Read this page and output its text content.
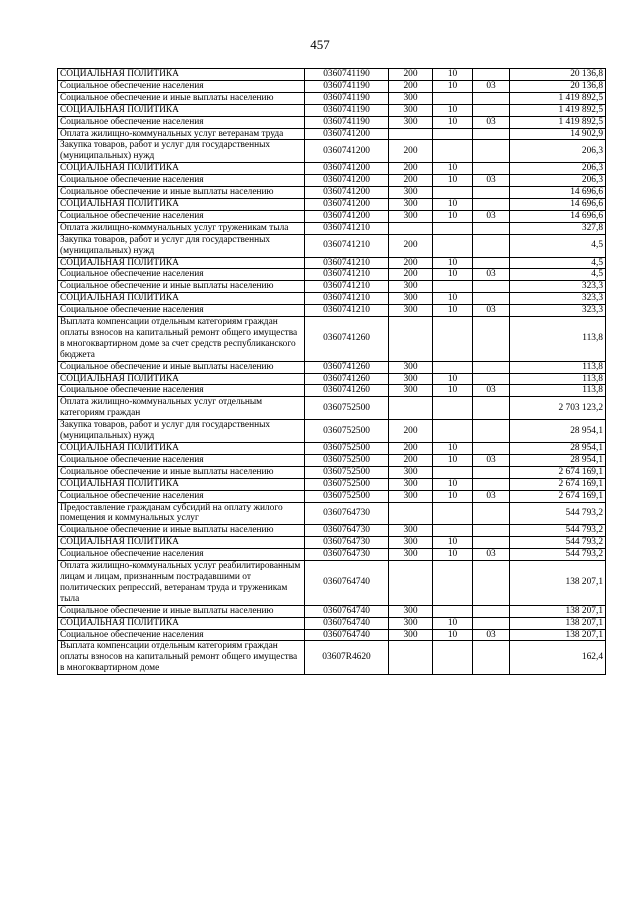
457
СОЦИАЛЬНАЯ ПОЛИТИКА	0360741190	200	10		20 136,8
Социальное обеспечение населения	0360741190	200	10	03	20 136,8
Социальное обеспечение и иные выплаты населению	0360741190	300			1 419 892,5
СОЦИАЛЬНАЯ ПОЛИТИКА	0360741190	300	10		1 419 892,5
Социальное обеспечение населения	0360741190	300	10	03	1 419 892,5
Оплата жилищно-коммунальных услуг ветеранам труда	0360741200				14 902,9
Закупка товаров, работ и услуг для государственных (муниципальных) нужд	0360741200	200			206,3
СОЦИАЛЬНАЯ ПОЛИТИКА	0360741200	200	10		206,3
Социальное обеспечение населения	0360741200	200	10	03	206,3
Социальное обеспечение и иные выплаты населению	0360741200	300			14 696,6
СОЦИАЛЬНАЯ ПОЛИТИКА	0360741200	300	10		14 696,6
Социальное обеспечение населения	0360741200	300	10	03	14 696,6
Оплата жилищно-коммунальных услуг труженикам тыла	0360741210				327,8
Закупка товаров, работ и услуг для государственных (муниципальных) нужд	0360741210	200			4,5
СОЦИАЛЬНАЯ ПОЛИТИКА	0360741210	200	10		4,5
Социальное обеспечение населения	0360741210	200	10	03	4,5
Социальное обеспечение и иные выплаты населению	0360741210	300			323,3
СОЦИАЛЬНАЯ ПОЛИТИКА	0360741210	300	10		323,3
Социальное обеспечение населения	0360741210	300	10	03	323,3
Выплата компенсации отдельным категориям граждан оплаты взносов на капитальный ремонт общего имущества в многоквартирном доме за счет средств республиканского бюджета	0360741260				113,8
Социальное обеспечение и иные выплаты населению	0360741260	300			113,8
СОЦИАЛЬНАЯ ПОЛИТИКА	0360741260	300	10		113,8
Социальное обеспечение населения	0360741260	300	10	03	113,8
Оплата жилищно-коммунальных услуг отдельным категориям граждан	0360752500				2 703 123,2
Закупка товаров, работ и услуг для государственных (муниципальных) нужд	0360752500	200			28 954,1
СОЦИАЛЬНАЯ ПОЛИТИКА	0360752500	200	10		28 954,1
Социальное обеспечение населения	0360752500	200	10	03	28 954,1
Социальное обеспечение и иные выплаты населению	0360752500	300			2 674 169,1
СОЦИАЛЬНАЯ ПОЛИТИКА	0360752500	300	10		2 674 169,1
Социальное обеспечение населения	0360752500	300	10	03	2 674 169,1
Предоставление гражданам субсидий на оплату жилого помещения и коммунальных услуг	0360764730				544 793,2
Социальное обеспечение и иные выплаты населению	0360764730	300			544 793,2
СОЦИАЛЬНАЯ ПОЛИТИКА	0360764730	300	10		544 793,2
Социальное обеспечение населения	0360764730	300	10	03	544 793,2
Оплата жилищно-коммунальных услуг реабилитированным лицам и лицам, признанным пострадавшими от политических репрессий, ветеранам труда и труженикам тыла	0360764740				138 207,1
Социальное обеспечение и иные выплаты населению	0360764740	300			138 207,1
СОЦИАЛЬНАЯ ПОЛИТИКА	0360764740	300	10		138 207,1
Социальное обеспечение населения	0360764740	300	10	03	138 207,1
Выплата компенсации отдельным категориям граждан оплаты взносов на капитальный ремонт общего имущества в многоквартирном доме	03607R4620				162,4
